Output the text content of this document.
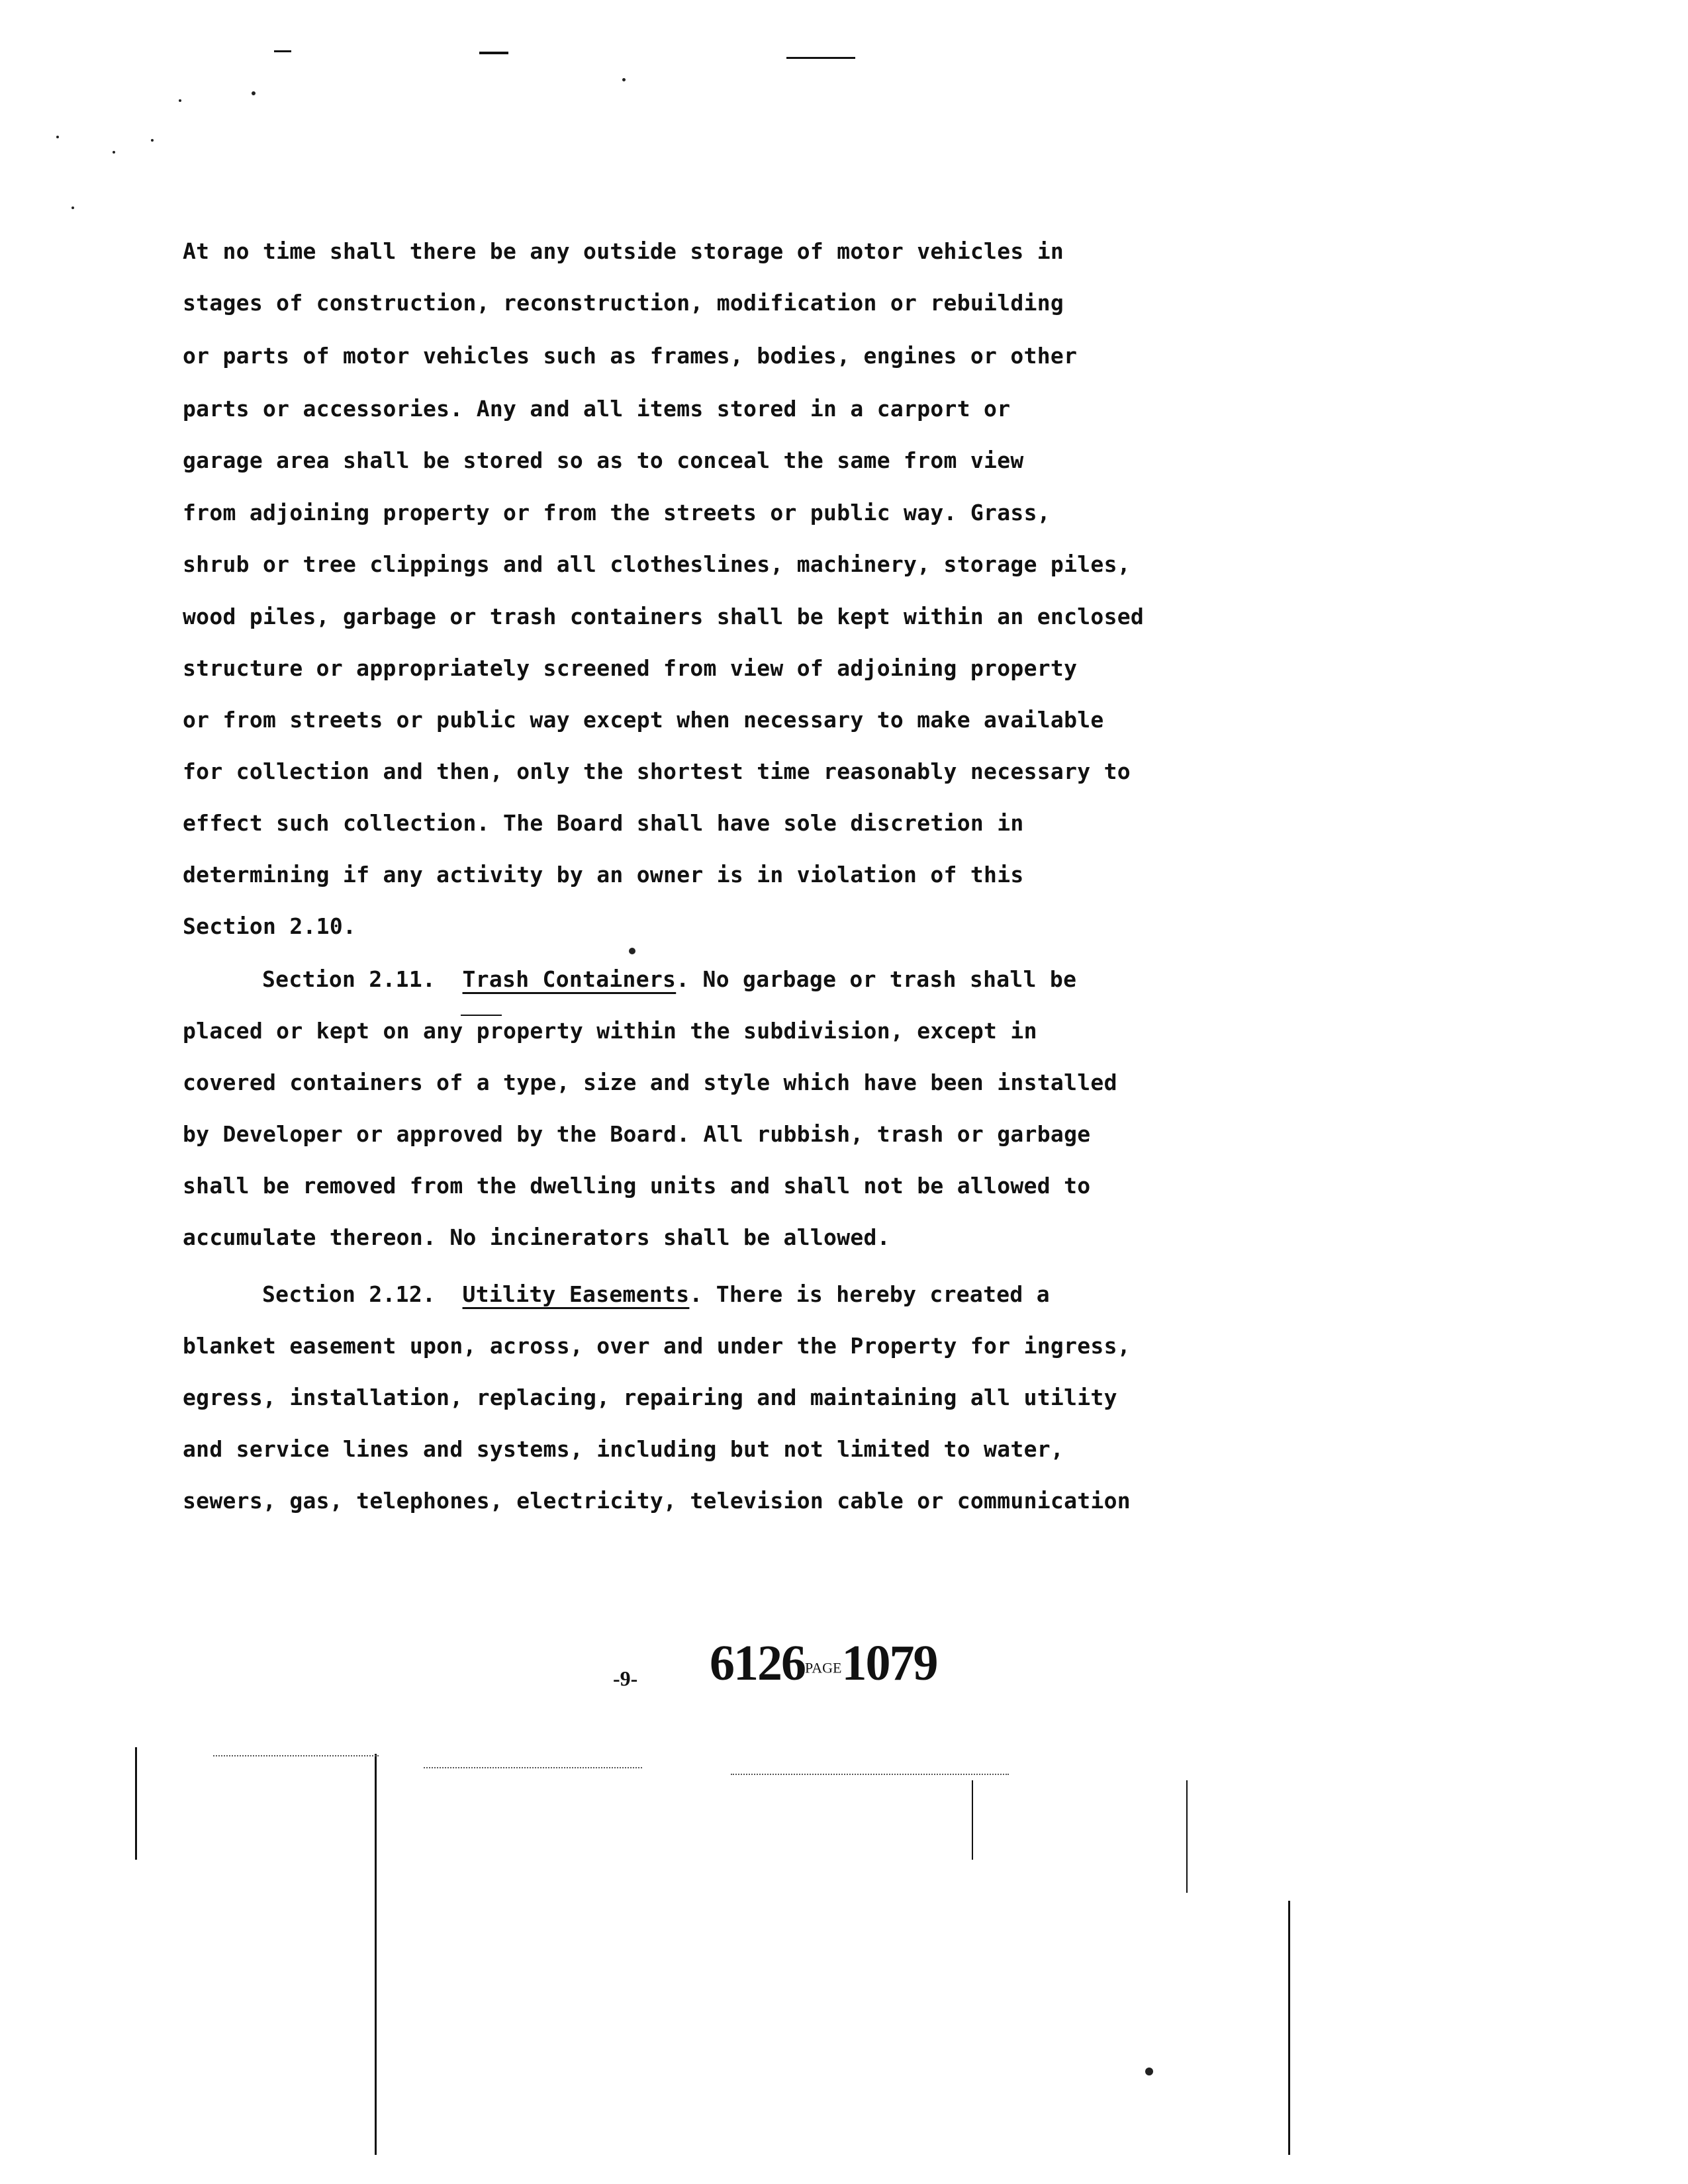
At no time shall there be any outside storage of motor vehicles in
stages of construction, reconstruction, modification or rebuilding
or parts of motor vehicles such as frames, bodies, engines or other
parts or accessories. Any and all items stored in a carport or
garage area shall be stored so as to conceal the same from view
from adjoining property or from the streets or public way. Grass,
shrub or tree clippings and all clotheslines, machinery, storage piles,
wood piles, garbage or trash containers shall be kept within an enclosed
structure or appropriately screened from view of adjoining property
or from streets or public way except when necessary to make available
for collection and then, only the shortest time reasonably necessary to
effect such collection. The Board shall have sole discretion in
determining if any activity by an owner is in violation of this
Section 2.10.
Section 2.11. Trash Containers. No garbage or trash shall be
placed or kept on any property within the subdivision, except in
covered containers of a type, size and style which have been installed
by Developer or approved by the Board. All rubbish, trash or garbage
shall be removed from the dwelling units and shall not be allowed to
accumulate thereon. No incinerators shall be allowed.
Section 2.12. Utility Easements. There is hereby created a
blanket easement upon, across, over and under the Property for ingress,
egress, installation, replacing, repairing and maintaining all utility
and service lines and systems, including but not limited to water,
sewers, gas, telephones, electricity, television cable or communication
-9- 6126PAGE1079
